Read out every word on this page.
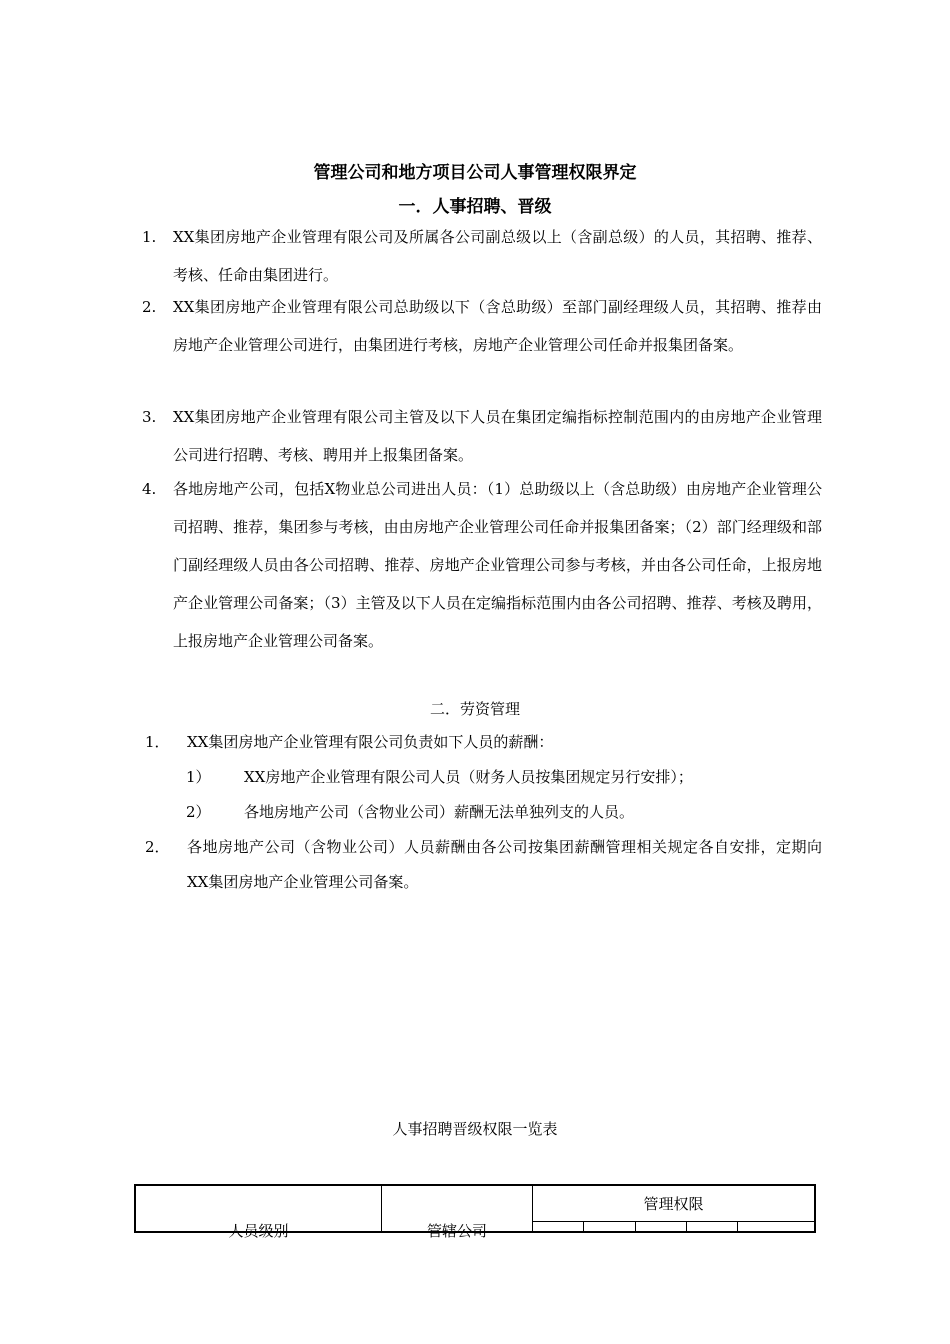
管理公司和地方项目公司人事管理权限界定
一．人事招聘、晋级
1. XX集团房地产企业管理有限公司及所属各公司副总级以上（含副总级）的人员，其招聘、推荐、考核、任命由集团进行。
2. XX集团房地产企业管理有限公司总助级以下（含总助级）至部门副经理级人员，其招聘、推荐由房地产企业管理公司进行，由集团进行考核，房地产企业管理公司任命并报集团备案。
3. XX集团房地产企业管理有限公司主管及以下人员在集团定编指标控制范围内的由房地产企业管理公司进行招聘、考核、聘用并上报集团备案。
4. 各地房地产公司，包括X物业总公司进出人员：（1）总助级以上（含总助级）由房地产企业管理公司招聘、推荐，集团参与考核，由由房地产企业管理公司任命并报集团备案；（2）部门经理级和部门副经理级人员由各公司招聘、推荐、房地产企业管理公司参与考核，并由各公司任命，上报房地产企业管理公司备案；（3）主管及以下人员在定编指标范围内由各公司招聘、推荐、考核及聘用，上报房地产企业管理公司备案。
二．劳资管理
1． XX集团房地产企业管理有限公司负责如下人员的薪酬：
1） XX房地产企业管理有限公司人员（财务人员按集团规定另行安排）；
2） 各地房地产公司（含物业公司）薪酬无法单独列支的人员。
2． 各地房地产公司（含物业公司）人员薪酬由各公司按集团薪酬管理相关规定各自安排，定期向XX集团房地产企业管理公司备案。
人事招聘晋级权限一览表
人员级别	管辖公司	管理权限				
